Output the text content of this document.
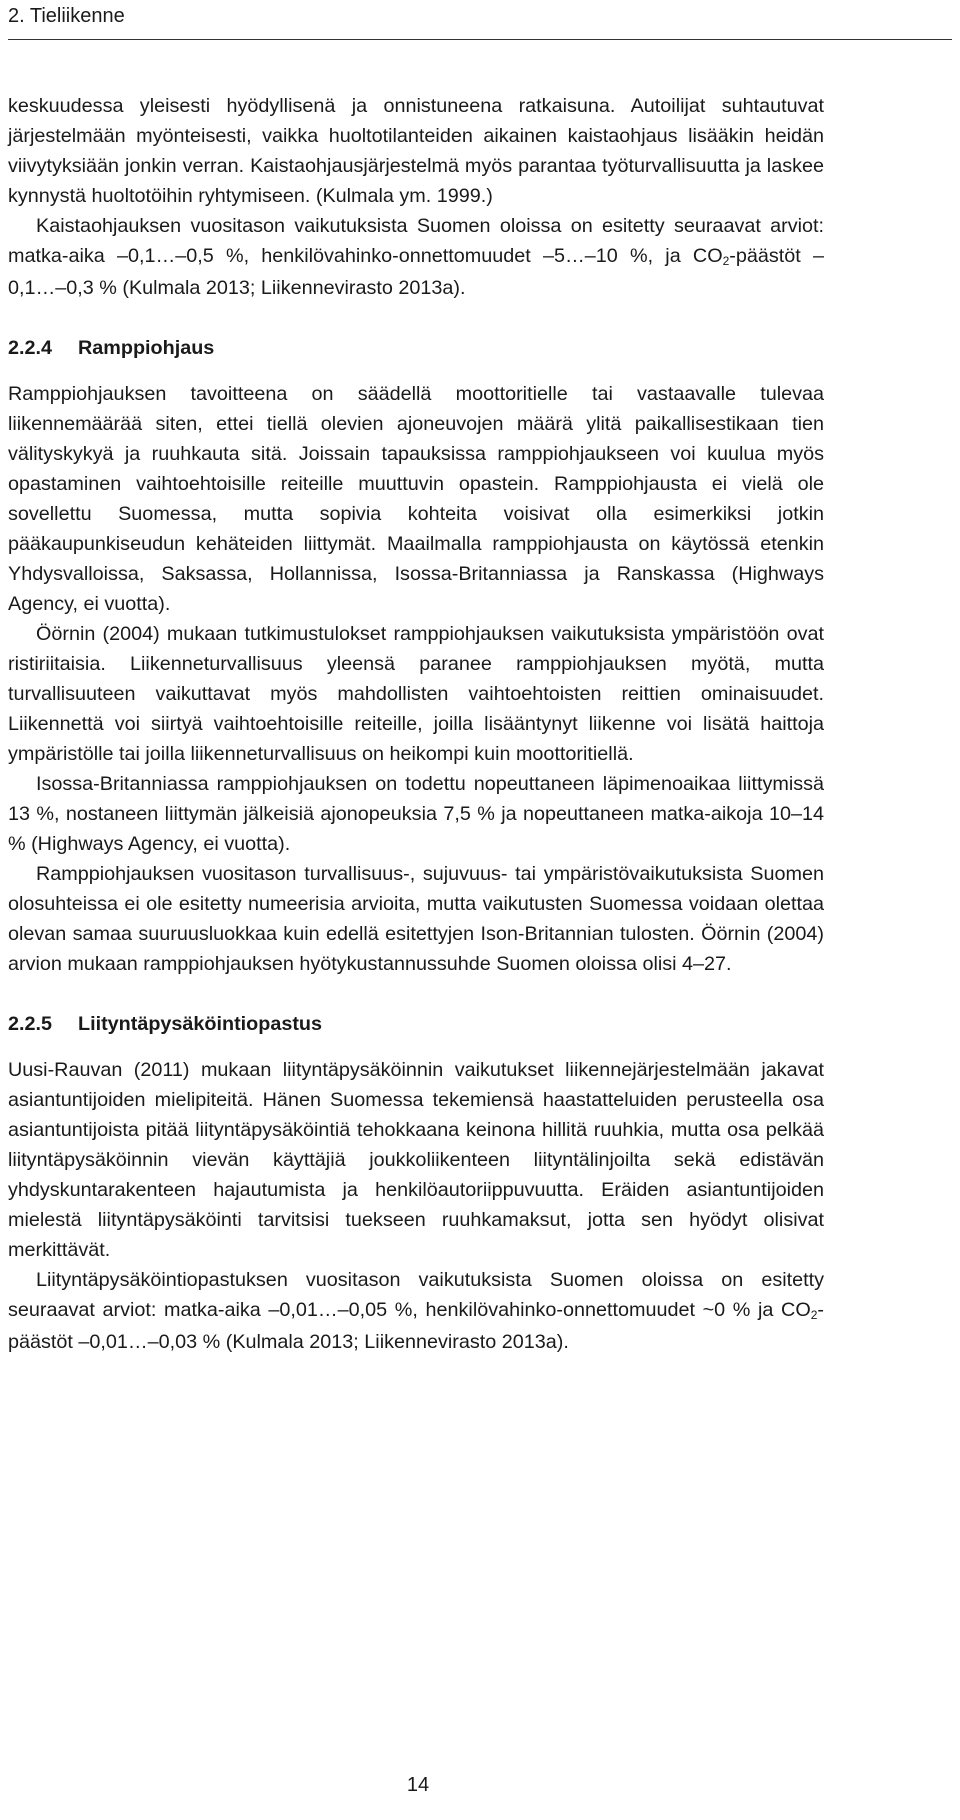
2. Tieliikenne

keskuudessa yleisesti hyödyllisenä ja onnistuneena ratkaisuna. Autoilijat suhtautuvat järjestelmään myönteisesti, vaikka huoltotilanteiden aikainen kaistaohjaus lisääkin heidän viivytyksiään jonkin verran. Kaistaohjausjärjestelmä myös parantaa työturvallisuutta ja laskee kynnystä huoltotöihin ryhtymiseen. (Kulmala ym. 1999.)

Kaistaohjauksen vuositason vaikutuksista Suomen oloissa on esitetty seuraavat arviot: matka-aika –0,1…–0,5 %, henkilövahinko-onnettomuudet –5…–10 %, ja $CO_2$-päästöt –0,1…–0,3 % (Kulmala 2013; Liikennevirasto 2013a).

2.2.4 Ramppiohjaus

Ramppiohjauksen tavoitteena on säädellä moottoritielle tai vastaavalle tulevaa liikennemäärää siten, ettei tiellä olevien ajoneuvojen määrä ylitä paikallisestikaan tien välityskykyä ja ruuhkauta sitä. Joissain tapauksissa ramppiohjaukseen voi kuulua myös opastaminen vaihtoehtoisille reiteille muuttuvin opastein. Ramppiohjausta ei vielä ole sovellettu Suomessa, mutta sopivia kohteita voisivat olla esimerkiksi jotkin pääkaupunkiseudun kehäteiden liittymät. Maailmalla ramppiohjausta on käytössä etenkin Yhdysvalloissa, Saksassa, Hollannissa, Isossa-Britanniassa ja Ranskassa (Highways Agency, ei vuotta).

Öörnin (2004) mukaan tutkimustulokset ramppiohjauksen vaikutuksista ympäristöön ovat ristiriitaisia. Liikenneturvallisuus yleensä paranee ramppiohjauksen myötä, mutta turvallisuuteen vaikuttavat myös mahdollisten vaihtoehtoisten reittien ominaisuudet. Liikennettä voi siirtyä vaihtoehtoisille reiteille, joilla lisääntynyt liikenne voi lisätä haittoja ympäristölle tai joilla liikenneturvallisuus on heikompi kuin moottoritiellä.

Isossa-Britanniassa ramppiohjauksen on todettu nopeuttaneen läpimenoaikaa liittymissä 13 %, nostaneen liittymän jälkeisiä ajonopeuksia 7,5 % ja nopeuttaneen matka-aikoja 10–14 % (Highways Agency, ei vuotta).

Ramppiohjauksen vuositason turvallisuus-, sujuvuus- tai ympäristövaikutuksista Suomen olosuhteissa ei ole esitetty numeerisia arvioita, mutta vaikutusten Suomessa voidaan olettaa olevan samaa suuruusluokkaa kuin edellä esitettyjen Ison-Britannian tulosten. Öörnin (2004) arvion mukaan ramppiohjauksen hyötykustannussuhde Suomen oloissa olisi 4–27.

2.2.5 Liityntäpysäköintiopastus

Uusi-Rauvan (2011) mukaan liityntäpysäköinnin vaikutukset liikennejärjestelmään jakavat asiantuntijoiden mielipiteitä. Hänen Suomessa tekemiensä haastatteluiden perusteella osa asiantuntijoista pitää liityntäpysäköintiä tehokkaana keinona hillitä ruuhkia, mutta osa pelkää liityntäpysäköinnin vievän käyttäjiä joukkoliikenteen liityntälinjoilta sekä edistävän yhdyskuntarakenteen hajautumista ja henkilöautoriippuvuutta. Eräiden asiantuntijoiden mielestä liityntäpysäköinti tarvitsisi tuekseen ruuhkamaksut, jotta sen hyödyt olisivat merkittävät.

Liityntäpysäköintiopastuksen vuositason vaikutuksista Suomen oloissa on esitetty seuraavat arviot: matka-aika –0,01…–0,05 %, henkilövahinko-onnettomuudet ~0 % ja $CO_2$-päästöt –0,01…–0,03 % (Kulmala 2013; Liikennevirasto 2013a).

14
